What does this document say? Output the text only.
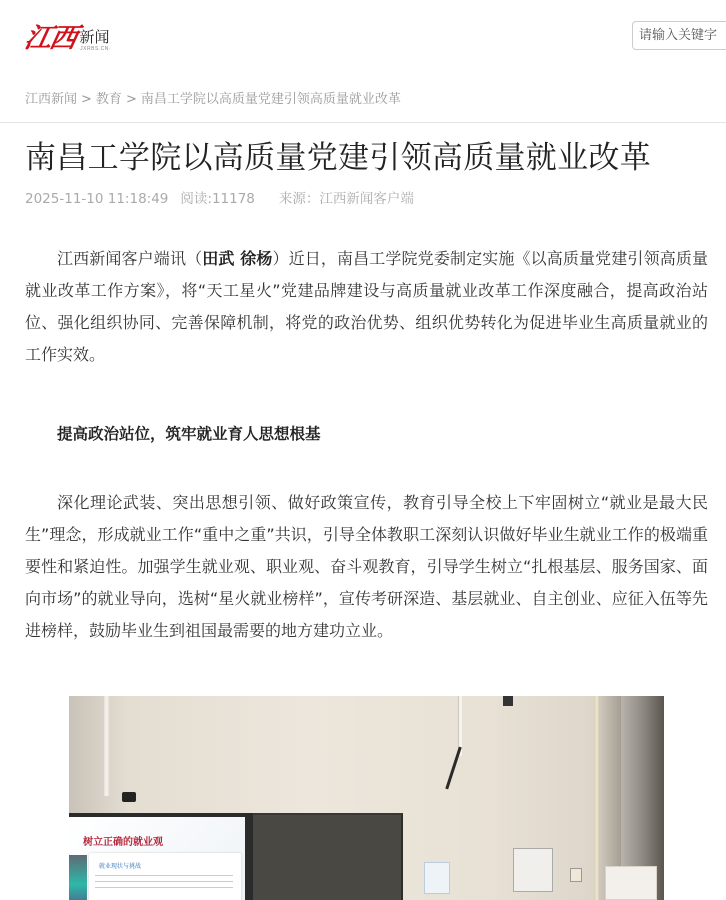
江西 新闻
·JXRBS.CN·
请输入关键字
江西新闻 > 教育 > 南昌工学院以高质量党建引领高质量就业改革
南昌工学院以高质量党建引领高质量就业改革
2025-11-10 11:18:49 阅读:11178 来源：江西新闻客户端

江西新闻客户端讯（田武 徐杨）近日，南昌工学院党委制定实施《以高质量党建引领高质量就业改革工作方案》，将“天工星火”党建品牌建设与高质量就业改革工作深度融合，提高政治站位、强化组织协同、完善保障机制，将党的政治优势、组织优势转化为促进毕业生高质量就业的工作实效。

提高政治站位，筑牢就业育人思想根基

深化理论武装、突出思想引领、做好政策宣传，教育引导全校上下牢固树立“就业是最大民生”理念，形成就业工作“重中之重”共识，引导全体教职工深刻认识做好毕业生就业工作的极端重要性和紧迫性。加强学生就业观、职业观、奋斗观教育，引导学生树立“扎根基层、服务国家、面向市场”的就业导向，选树“星火就业榜样”，宣传考研深造、基层就业、自主创业、应征入伍等先进榜样，鼓励毕业生到祖国最需要的地方建功立业。

树立正确的就业观
就业现状与挑战
